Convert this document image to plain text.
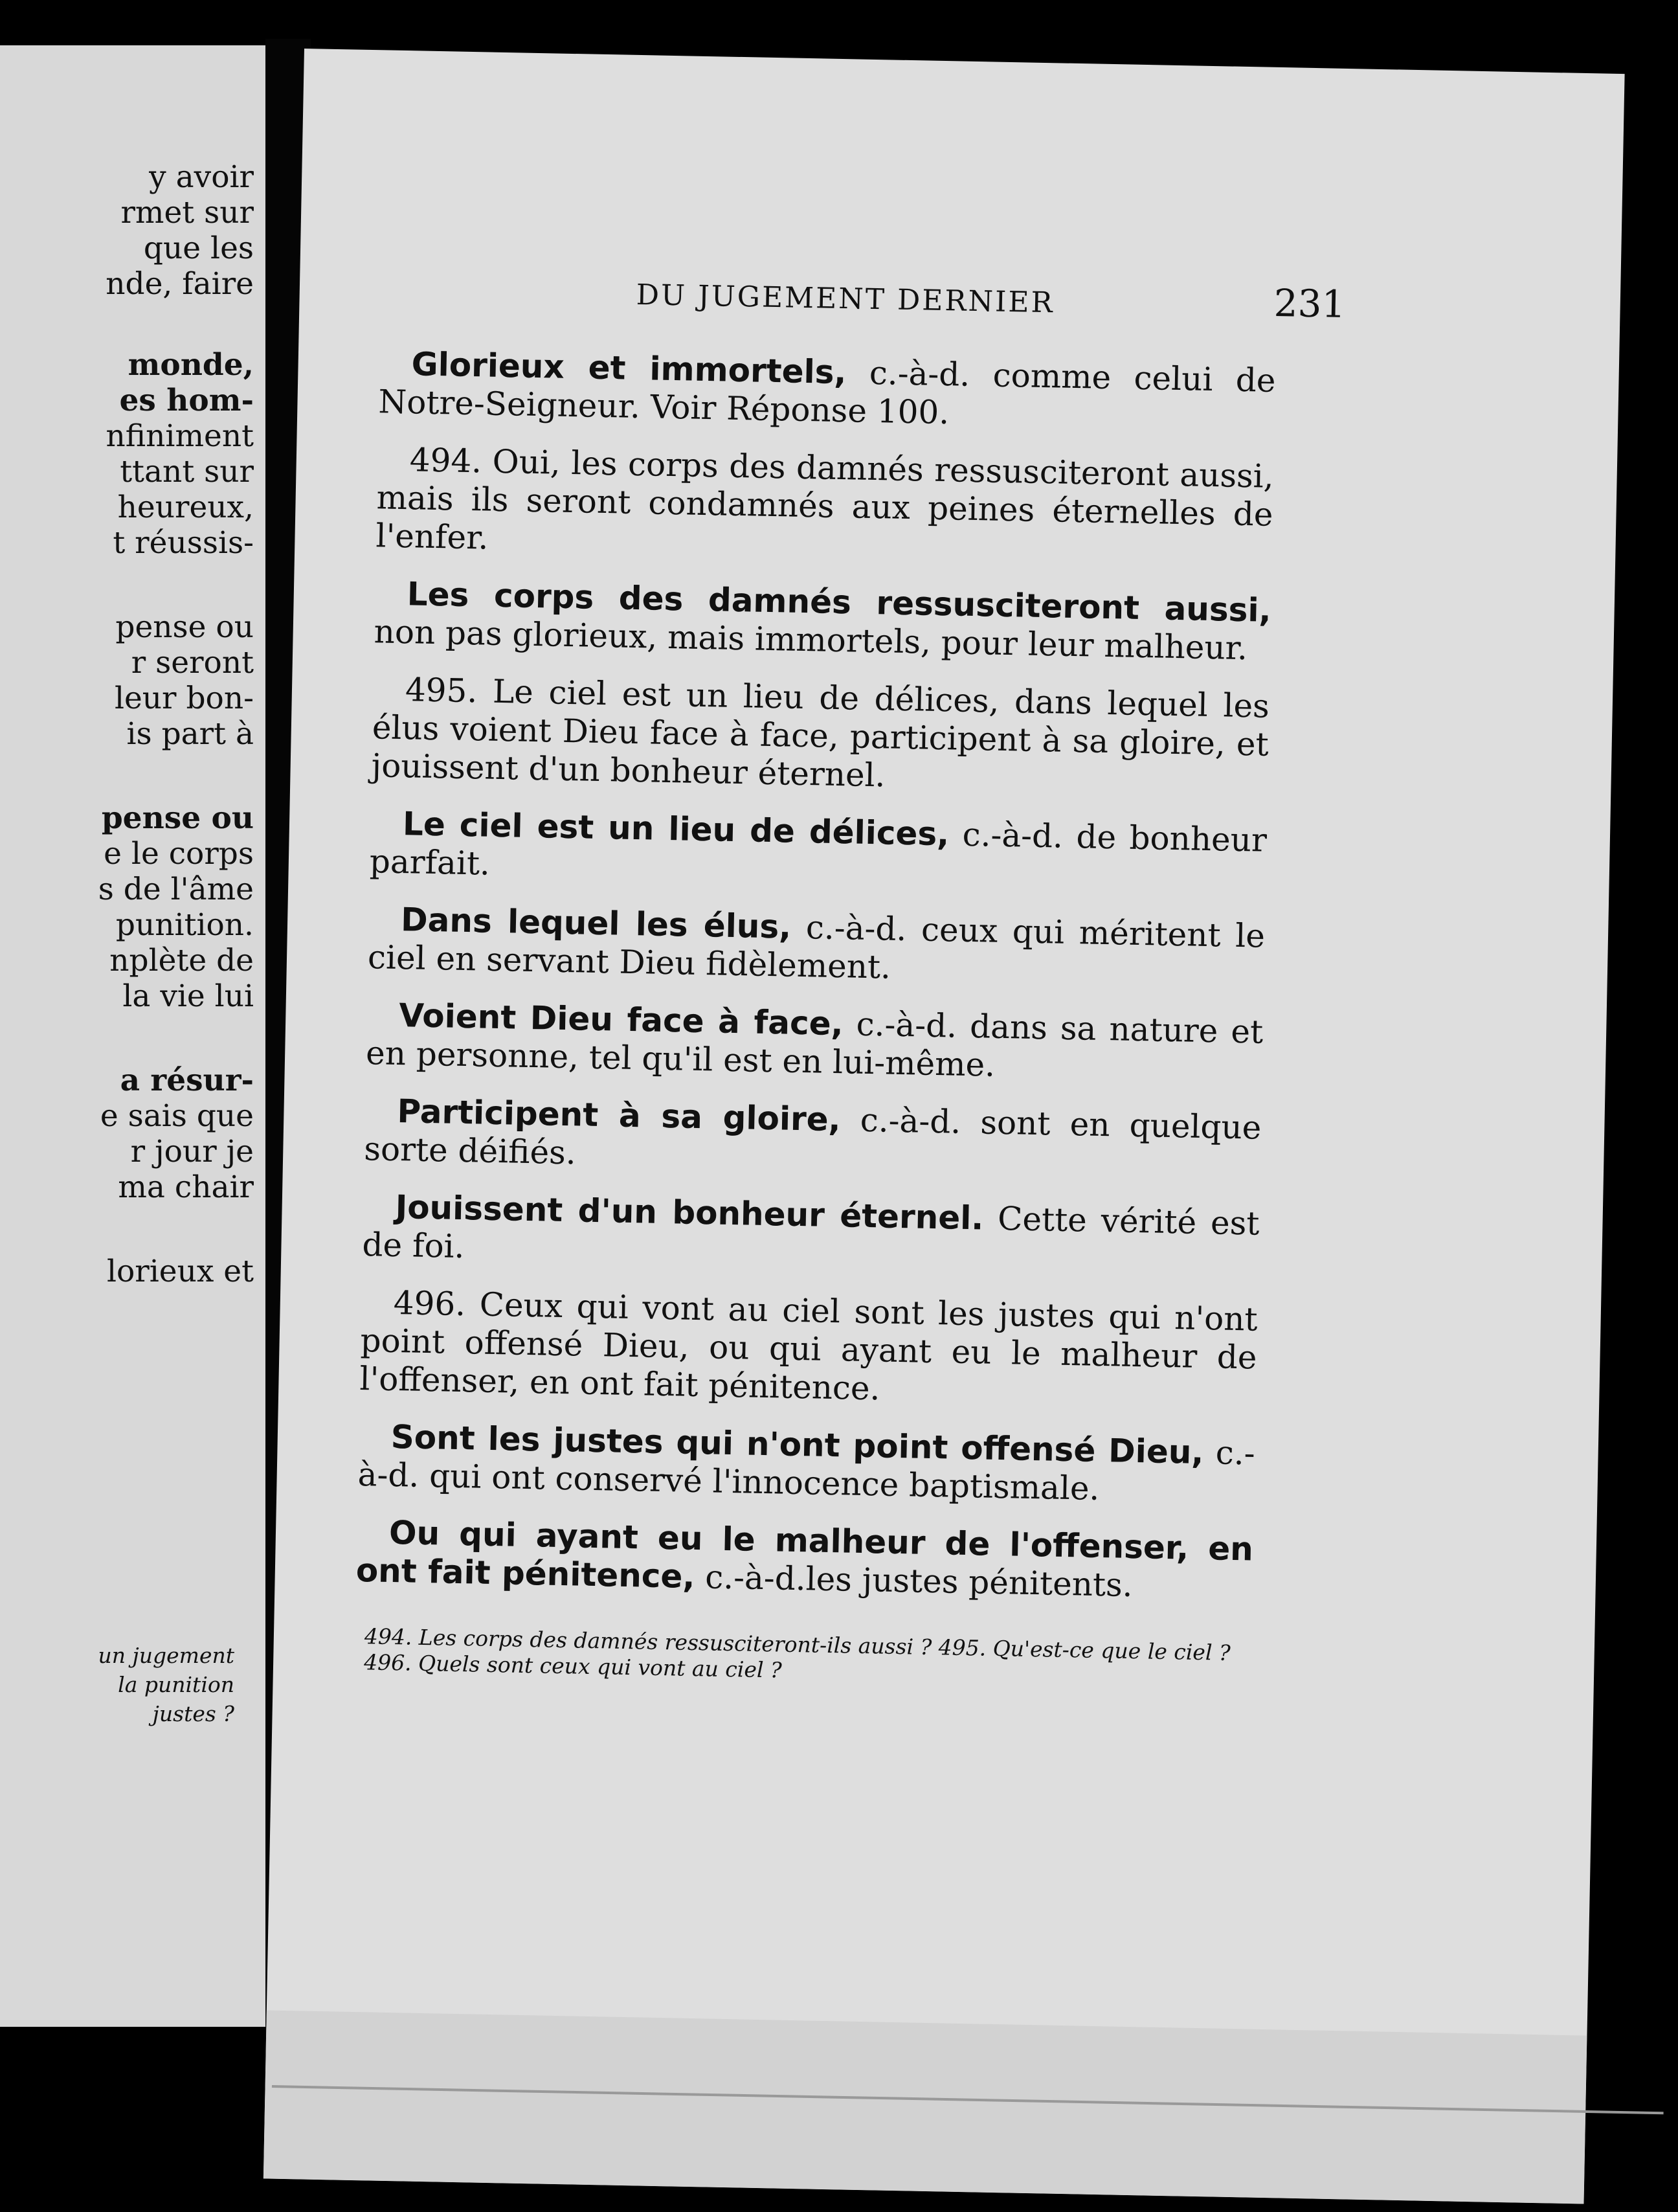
y avoir
rmet sur
que les
nde, faire
monde,
es hom-
nfiniment
ttant sur
heureux,
t réussis-
pense ou
r seront
leur bon-
is part à
pense ou
e le corps
s de l'âme
punition.
nplète de
la vie lui
a résur-
e sais que
r jour je
ma chair
lorieux et
un jugement
la punition
justes ?
DU JUGEMENT DERNIER	231

Glorieux et immortels, c.-à-d. comme celui de Notre-Seigneur. Voir Réponse 100.

494. Oui, les corps des damnés ressusciteront aussi, mais ils seront condamnés aux peines éternelles de l'enfer.

Les corps des damnés ressusciteront aussi, non pas glorieux, mais immortels, pour leur malheur.

495. Le ciel est un lieu de délices, dans lequel les élus voient Dieu face à face, participent à sa gloire, et jouissent d'un bonheur éternel.

Le ciel est un lieu de délices, c.-à-d. de bonheur parfait.

Dans lequel les élus, c.-à-d. ceux qui méritent le ciel en servant Dieu fidèlement.

Voient Dieu face à face, c.-à-d. dans sa nature et en personne, tel qu'il est en lui-même.

Participent à sa gloire, c.-à-d. sont en quelque sorte déifiés.

Jouissent d'un bonheur éternel. Cette vérité est de foi.

496. Ceux qui vont au ciel sont les justes qui n'ont point offensé Dieu, ou qui ayant eu le malheur de l'offenser, en ont fait pénitence.

Sont les justes qui n'ont point offensé Dieu, c.-à-d. qui ont conservé l'innocence baptismale.

Ou qui ayant eu le malheur de l'offenser, en ont fait pénitence, c.-à-d.les justes pénitents.

494. Les corps des damnés ressusciteront-ils aussi ? 495. Qu'est-ce que le ciel ? 496. Quels sont ceux qui vont au ciel ?
